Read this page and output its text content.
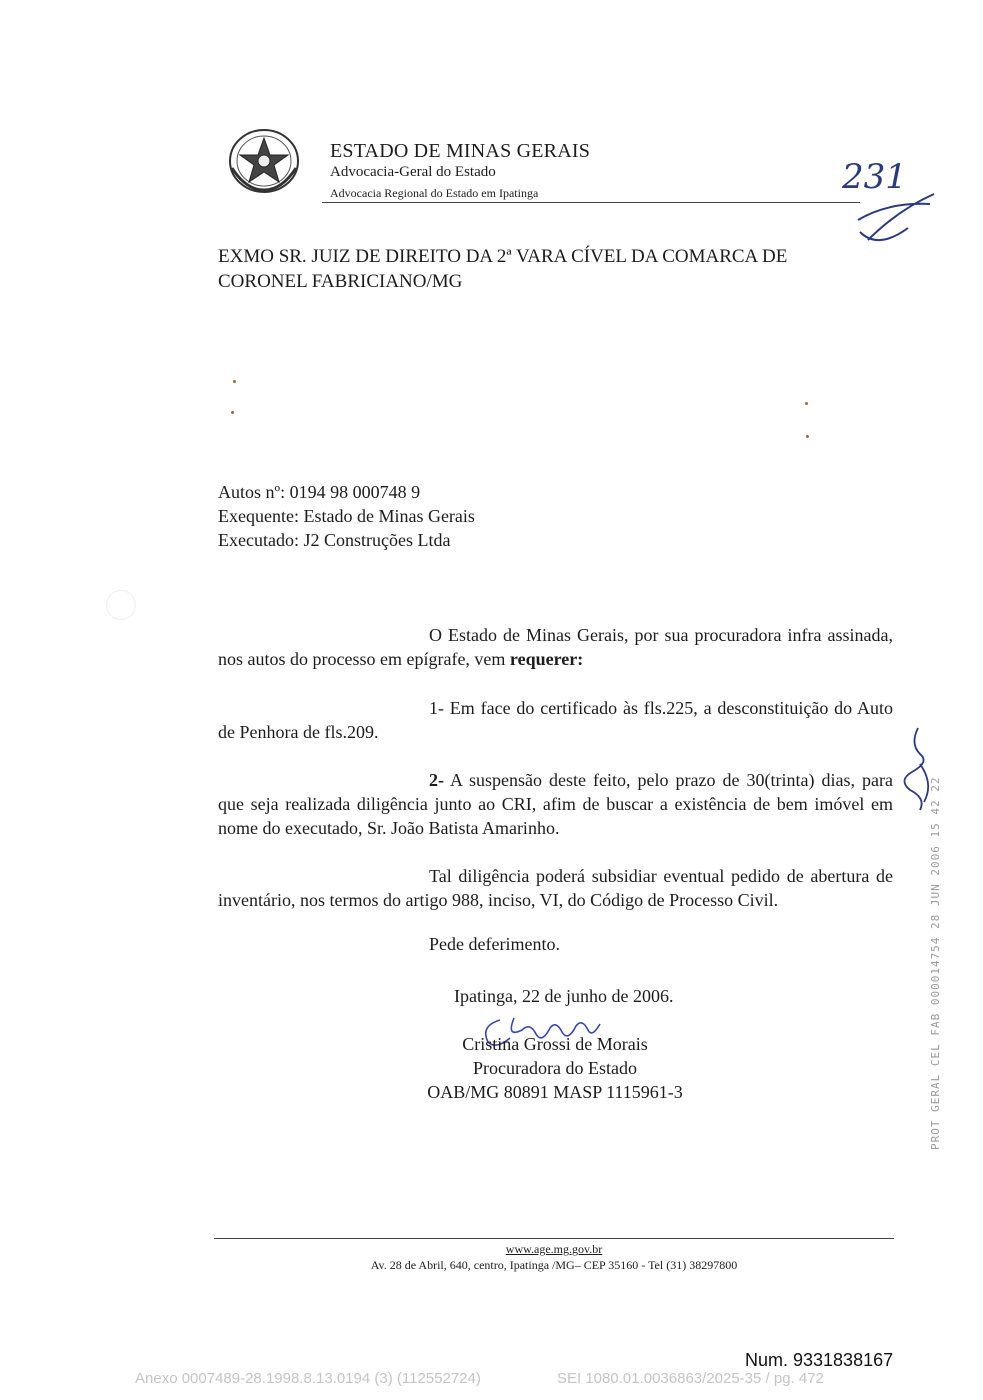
ESTADO DE MINAS GERAIS
Advocacia-Geral do Estado
Advocacia Regional do Estado em Ipatinga	231
EXMO SR. JUIZ DE DIREITO DA 2ª VARA CÍVEL DA COMARCA DE CORONEL FABRICIANO/MG
Autos nº: 0194 98 000748 9
Exequente: Estado de Minas Gerais
Executado: J2 Construções Ltda
O Estado de Minas Gerais, por sua procuradora infra assinada, nos autos do processo em epígrafe, vem requerer:
1- Em face do certificado às fls.225, a desconstituição do Auto de Penhora de fls.209.
2- A suspensão deste feito, pelo prazo de 30(trinta) dias, para que seja realizada diligência junto ao CRI, afim de buscar a existência de bem imóvel em nome do executado, Sr. João Batista Amarinho.
Tal diligência poderá subsidiar eventual pedido de abertura de inventário, nos termos do artigo 988, inciso, VI, do Código de Processo Civil.
Pede deferimento.
Ipatinga, 22 de junho de 2006.
Cristina Grossi de Morais
Procuradora do Estado
OAB/MG 80891 MASP 1115961-3	PROT GERAL CEL FAB 000014754 28 JUN 2006 15 42 22
www.age.mg.gov.br
Av. 28 de Abril, 640, centro, Ipatinga /MG– CEP 35160 - Tel (31) 38297800
Num. 9331838167
Anexo 0007489-28.1998.8.13.0194 (3) (112552724)	SEI 1080.01.0036863/2025-35 / pg. 472
